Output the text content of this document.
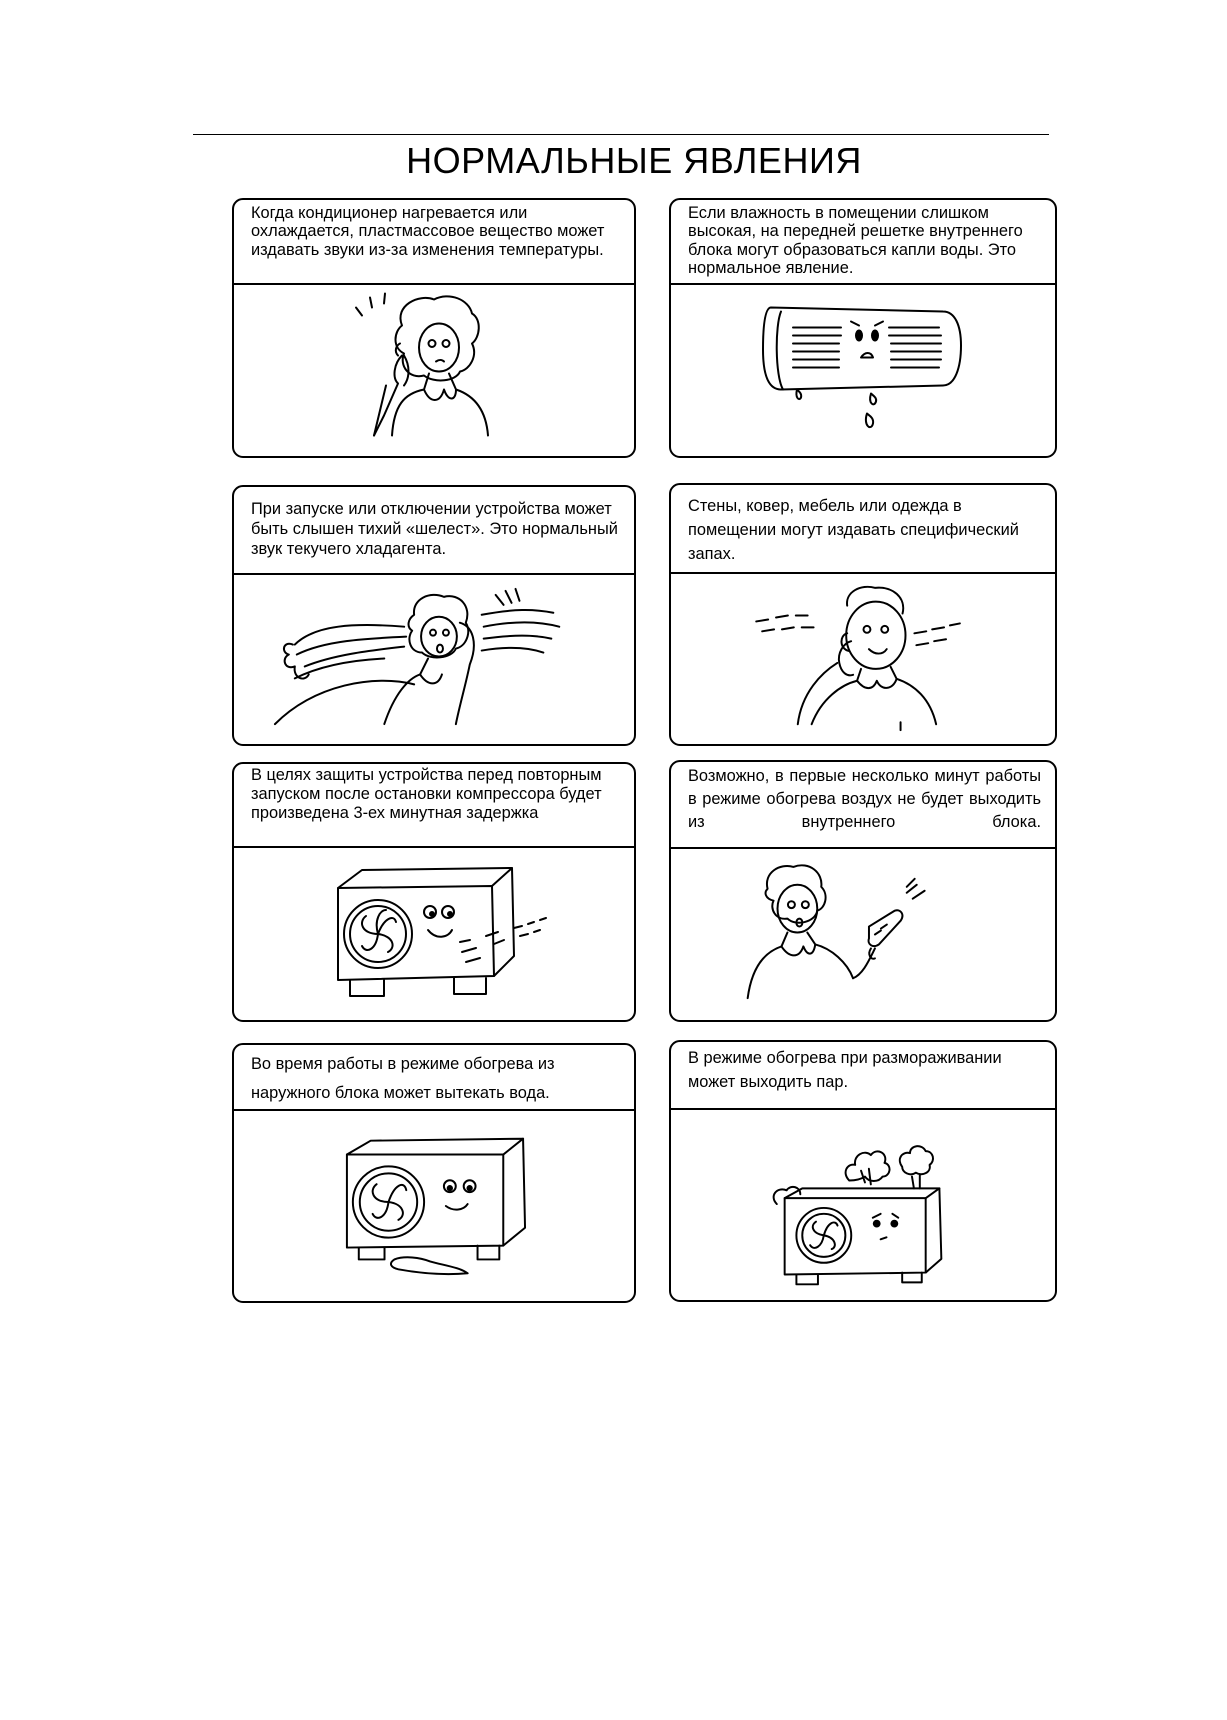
НОРМАЛЬНЫЕ ЯВЛЕНИЯ
Когда кондиционер нагревается или охлаждается, пластмассовое вещество может издавать звуки из-за изменения температуры.
Если влажность в помещении слишком высокая, на передней решетке внутреннего блока могут образоваться капли воды. Это нормальное явление.
При запуске или отключении устройства может быть слышен тихий «шелест». Это нормальный звук текучего хладагента.
Стены, ковер, мебель или одежда в помещении могут издавать специфический запах.
В целях защиты устройства перед повторным запуском после остановки компрессора будет произведена 3-ех минутная задержка
Возможно, в первые несколько минут работы в режиме обогрева воздух не будет выходить из внутреннего блока.
Во время работы в режиме обогрева из наружного блока может вытекать вода.
В режиме обогрева при размораживании может выходить пар.
